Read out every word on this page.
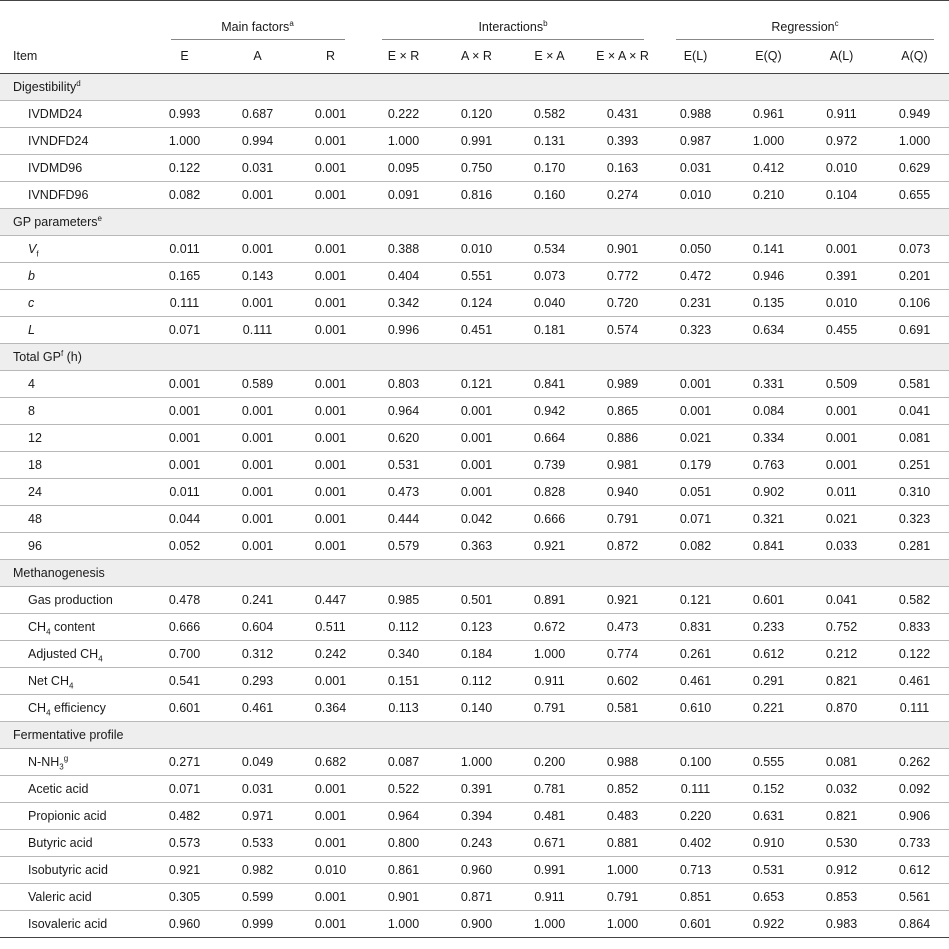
	Main factors$^a$			Interactions$^b$				Regression$^c$
Item	E	A	R	E × R	A × R	E × A	E × A × R	E(L)	E(Q)	A(L)	A(Q)
Digestibility$^d$
IVDMD24	0.993	0.687	0.001	0.222	0.120	0.582	0.431	0.988	0.961	0.911	0.949
IVNDFD24	1.000	0.994	0.001	1.000	0.991	0.131	0.393	0.987	1.000	0.972	1.000
IVDMD96	0.122	0.031	0.001	0.095	0.750	0.170	0.163	0.031	0.412	0.010	0.629
IVNDFD96	0.082	0.001	0.001	0.091	0.816	0.160	0.274	0.010	0.210	0.104	0.655
GP parameters$^e$
$V_f$	0.011	0.001	0.001	0.388	0.010	0.534	0.901	0.050	0.141	0.001	0.073
b	0.165	0.143	0.001	0.404	0.551	0.073	0.772	0.472	0.946	0.391	0.201
c	0.111	0.001	0.001	0.342	0.124	0.040	0.720	0.231	0.135	0.010	0.106
L	0.071	0.111	0.001	0.996	0.451	0.181	0.574	0.323	0.634	0.455	0.691
Total $GP^f$ (h)											
4	0.001	0.589	0.001	0.803	0.121	0.841	0.989	0.001	0.331	0.509	0.581
8	0.001	0.001	0.001	0.964	0.001	0.942	0.865	0.001	0.084	0.001	0.041
12	0.001	0.001	0.001	0.620	0.001	0.664	0.886	0.021	0.334	0.001	0.081
18	0.001	0.001	0.001	0.531	0.001	0.739	0.981	0.179	0.763	0.001	0.251
24	0.011	0.001	0.001	0.473	0.001	0.828	0.940	0.051	0.902	0.011	0.310
48	0.044	0.001	0.001	0.444	0.042	0.666	0.791	0.071	0.321	0.021	0.323
96	0.052	0.001	0.001	0.579	0.363	0.921	0.872	0.082	0.841	0.033	0.281
Methanogenesis											
Gas production	0.478	0.241	0.447	0.985	0.501	0.891	0.921	0.121	0.601	0.041	0.582
$CH_4$ content	0.666	0.604	0.511	0.112	0.123	0.672	0.473	0.831	0.233	0.752	0.833
Adjusted $CH_4$	0.700	0.312	0.242	0.340	0.184	1.000	0.774	0.261	0.612	0.212	0.122
Net $CH_4$	0.541	0.293	0.001	0.151	0.112	0.911	0.602	0.461	0.291	0.821	0.461
$CH_4$ efficiency	0.601	0.461	0.364	0.113	0.140	0.791	0.581	0.610	0.221	0.870	0.111
Fermentative profile											
$N-NH_3^g$	0.271	0.049	0.682	0.087	1.000	0.200	0.988	0.100	0.555	0.081	0.262
Acetic acid	0.071	0.031	0.001	0.522	0.391	0.781	0.852	0.111	0.152	0.032	0.092
Propionic acid	0.482	0.971	0.001	0.964	0.394	0.481	0.483	0.220	0.631	0.821	0.906
Butyric acid	0.573	0.533	0.001	0.800	0.243	0.671	0.881	0.402	0.910	0.530	0.733
Isobutyric acid	0.921	0.982	0.010	0.861	0.960	0.991	1.000	0.713	0.531	0.912	0.612
Valeric acid	0.305	0.599	0.001	0.901	0.871	0.911	0.791	0.851	0.653	0.853	0.561
Isovaleric acid	0.960	0.999	0.001	1.000	0.900	1.000	1.000	0.601	0.922	0.983	0.864
